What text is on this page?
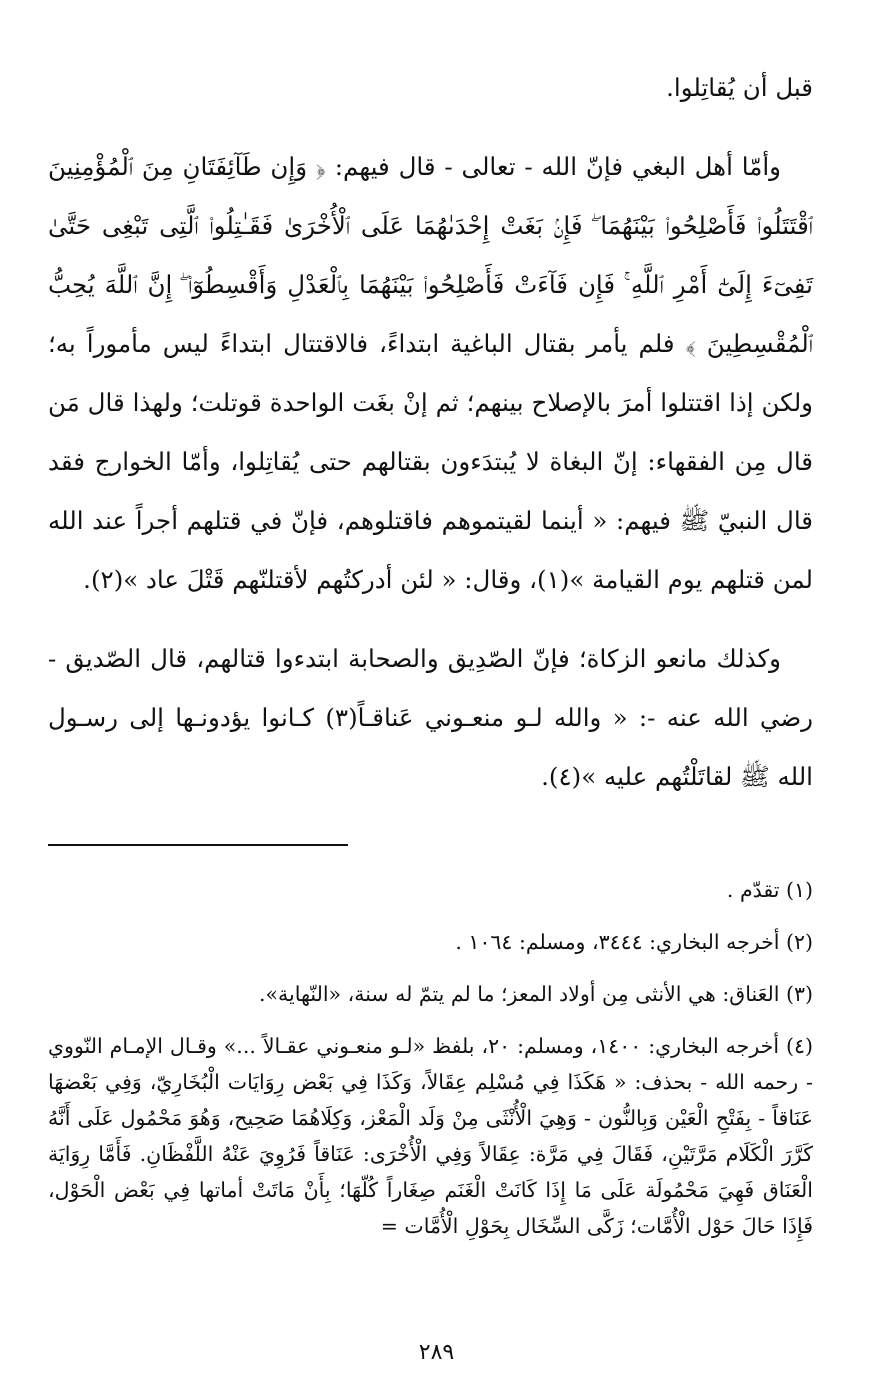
قبل أن يُقاتِلوا.

وأمّا أهل البغي فإنّ الله - تعالى - قال فيهم: ﴿ وَإِن طَآئِفَتَانِ مِنَ ٱلْمُؤْمِنِينَ ٱقْتَتَلُوا۟ فَأَصْلِحُوا۟ بَيْنَهُمَا ۖ فَإِنۢ بَغَتْ إِحْدَىٰهُمَا عَلَى ٱلْأُخْرَىٰ فَقَـٰتِلُوا۟ ٱلَّتِى تَبْغِى حَتَّىٰ تَفِىٓءَ إِلَىٰٓ أَمْرِ ٱللَّهِ ۚ فَإِن فَآءَتْ فَأَصْلِحُوا۟ بَيْنَهُمَا بِٱلْعَدْلِ وَأَقْسِطُوٓا۟ ۖ إِنَّ ٱللَّهَ يُحِبُّ ٱلْمُقْسِطِينَ ﴾ فلم يأمر بقتال الباغية ابتداءً، فالاقتتال ابتداءً ليس مأموراً به؛ ولكن إذا اقتتلوا أمرَ بالإصلاح بينهم؛ ثم إنْ بغَت الواحدة قوتلت؛ ولهذا قال مَن قال مِن الفقهاء: إنّ البغاة لا يُبتدَءون بقتالهم حتى يُقاتِلوا، وأمّا الخوارج فقد قال النبيّ ﷺ فيهم: « أينما لقيتموهم فاقتلوهم، فإنّ في قتلهم أجراً عند الله لمن قتلهم يوم القيامة »(١)، وقال: « لئن أدركتُهم لأقتلنّهم قَتْلَ عاد »(٢).

وكذلك مانعو الزكاة؛ فإنّ الصّدِيق والصحابة ابتدءوا قتالهم، قال الصّديق - رضي الله عنه -: « والله لـو منعـوني عَناقـاً(٣) كـانوا يؤدونـها إلى رسـول الله ﷺ لقاتَلْتُهم عليه »(٤).

(١) تقدّم .

(٢) أخرجه البخاري: ٣٤٤٤، ومسلم: ١٠٦٤ .

(٣) العَناق: هي الأنثى مِن أولاد المعز؛ ما لم يتمّ له سنة، «النّهاية».

(٤) أخرجه البخاري: ١٤٠٠، ومسلم: ٢٠، بلفظ «لـو منعـوني عقـالاً ...» وقـال الإمـام النّووي - رحمه الله - بحذف: « هَكَذَا فِي مُسْلِم عِقَالاً، وَكَذَا فِي بَعْض رِوَايَات الْبُخَارِيّ، وَفِي بَعْضهَا عَنَاقاً - بِفَتْحِ الْعَيْن وَبِالنُّون - وَهِيَ الْأُنْثَى مِنْ وَلَد الْمَعْز، وَكِلَاهُمَا صَحِيح، وَهُوَ مَحْمُول عَلَى أَنَّهُ كَرَّرَ الْكَلَام مَرَّتَيْنِ، فَقَالَ فِي مَرَّة: عِقَالاً وَفِي الْأُخْرَى: عَنَاقاً فَرُوِيَ عَنْهُ اللَّفْظَانِ. فَأَمَّا رِوَايَة الْعَنَاق فَهِيَ مَحْمُولَة عَلَى مَا إِذَا كَانَتْ الْغَنَم صِغَاراً كُلّهَا؛ بِأَنْ مَاتَتْ أماتها فِي بَعْض الْحَوْل، فَإِذَا حَالَ حَوْل الْأُمَّات؛ زَكَّى السِّخَال بِحَوْلِ الْأُمَّات =

٢٨٩
